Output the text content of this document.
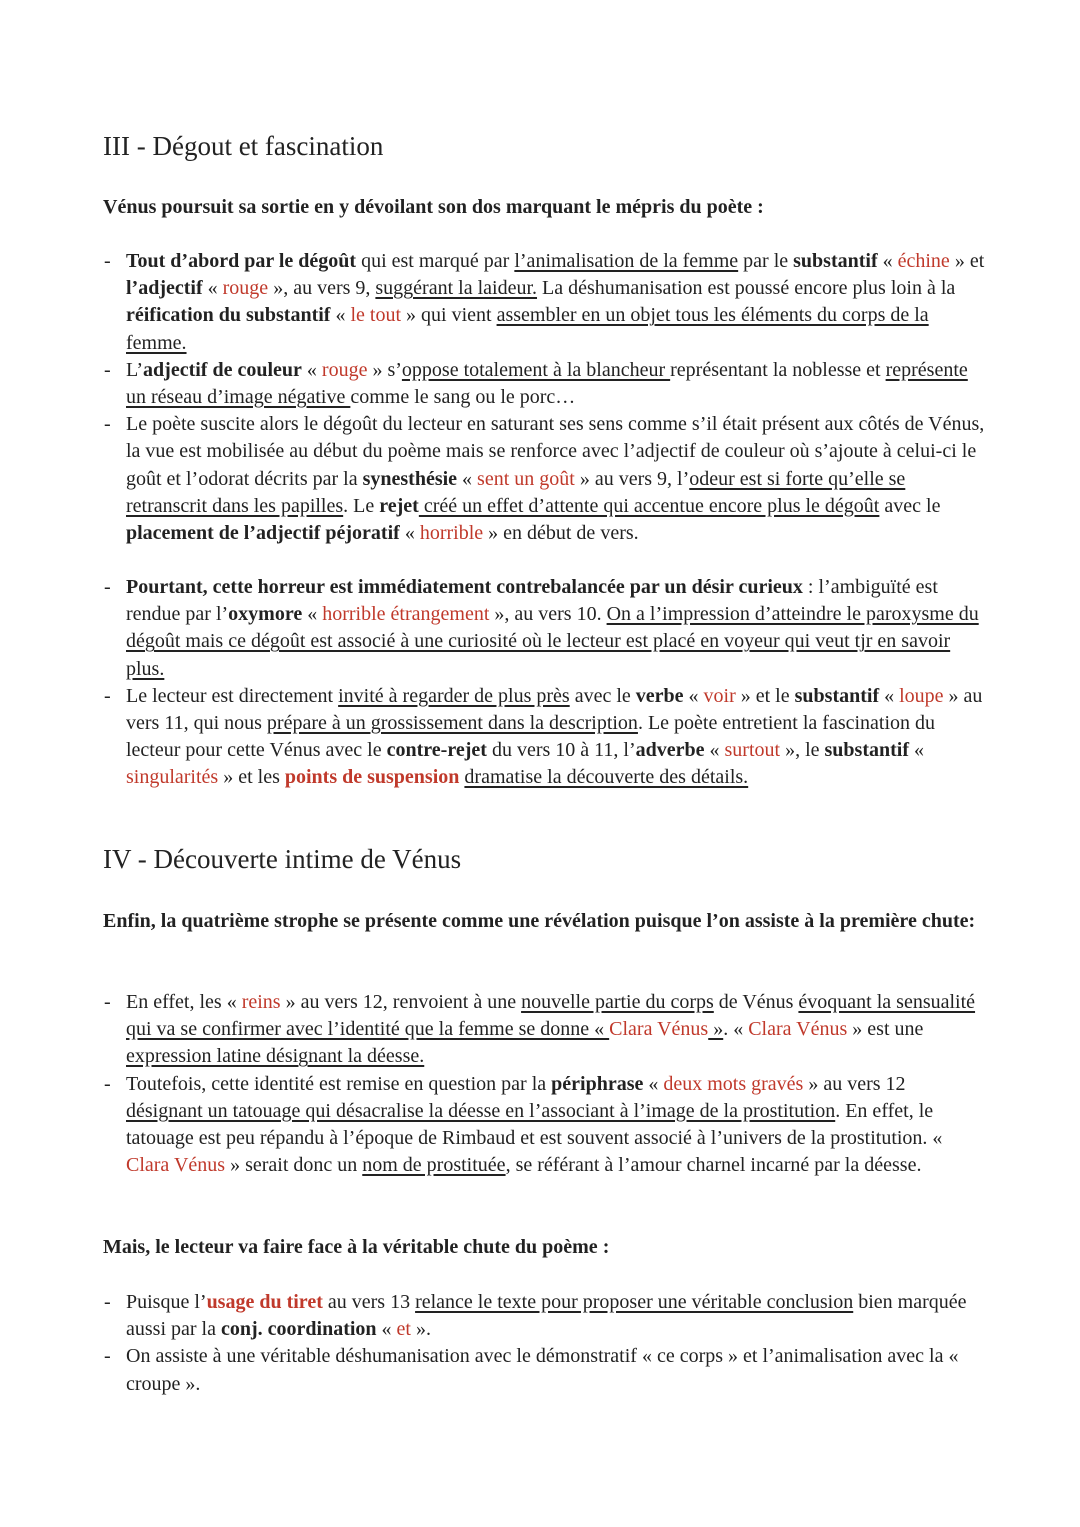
III - Dégout et fascination

Vénus poursuit sa sortie en y dévoilant son dos marquant le mépris du poète :

- Tout d’abord par le dégoût qui est marqué par l’animalisation de la femme par le substantif « échine » et l’adjectif « rouge », au vers 9, suggérant la laideur. La déshumanisation est poussé encore plus loin à la réification du substantif « le tout » qui vient assembler en un objet tous les éléments du corps de la femme.
- L’adjectif de couleur « rouge » s’oppose totalement à la blancheur représentant la noblesse et représente un réseau d’image négative comme le sang ou le porc…
- Le poète suscite alors le dégoût du lecteur en saturant ses sens comme s’il était présent aux côtés de Vénus, la vue est mobilisée au début du poème mais se renforce avec l’adjectif de couleur où s’ajoute à celui-ci le goût et l’odorat décrits par la synesthésie « sent un goût » au vers 9, l’odeur est si forte qu’elle se retranscrit dans les papilles. Le rejet créé un effet d’attente qui accentue encore plus le dégoût avec le placement de l’adjectif péjoratif « horrible » en début de vers.
- Pourtant, cette horreur est immédiatement contrebalancée par un désir curieux : l’ambiguïté est rendue par l’oxymore « horrible étrangement », au vers 10. On a l’impression d’atteindre le paroxysme du dégoût mais ce dégoût est associé à une curiosité où le lecteur est placé en voyeur qui veut tjr en savoir plus.
- Le lecteur est directement invité à regarder de plus près avec le verbe « voir » et le substantif « loupe » au vers 11, qui nous prépare à un grossissement dans la description. Le poète entretient la fascination du lecteur pour cette Vénus avec le contre-rejet du vers 10 à 11, l’adverbe « surtout », le substantif « singularités » et les points de suspension dramatise la découverte des détails.
IV - Découverte intime de Vénus

Enfin, la quatrième strophe se présente comme une révélation puisque l’on assiste à la première chute:

- En effet, les « reins » au vers 12, renvoient à une nouvelle partie du corps de Vénus évoquant la sensualité qui va se confirmer avec l’identité que la femme se donne « Clara Vénus ». « Clara Vénus » est une expression latine désignant la déesse.
- Toutefois, cette identité est remise en question par la périphrase « deux mots gravés » au vers 12 désignant un tatouage qui désacralise la déesse en l’associant à l’image de la prostitution. En effet, le tatouage est peu répandu à l’époque de Rimbaud et est souvent associé à l’univers de la prostitution. « Clara Vénus » serait donc un nom de prostituée, se référant à l’amour charnel incarné par la déesse.

Mais, le lecteur va faire face à la véritable chute du poème :

- Puisque l’usage du tiret au vers 13 relance le texte pour proposer une véritable conclusion bien marquée aussi par la conj. coordination « et ».
- On assiste à une véritable déshumanisation avec le démonstratif « ce corps » et l’animalisation avec la « croupe ».
